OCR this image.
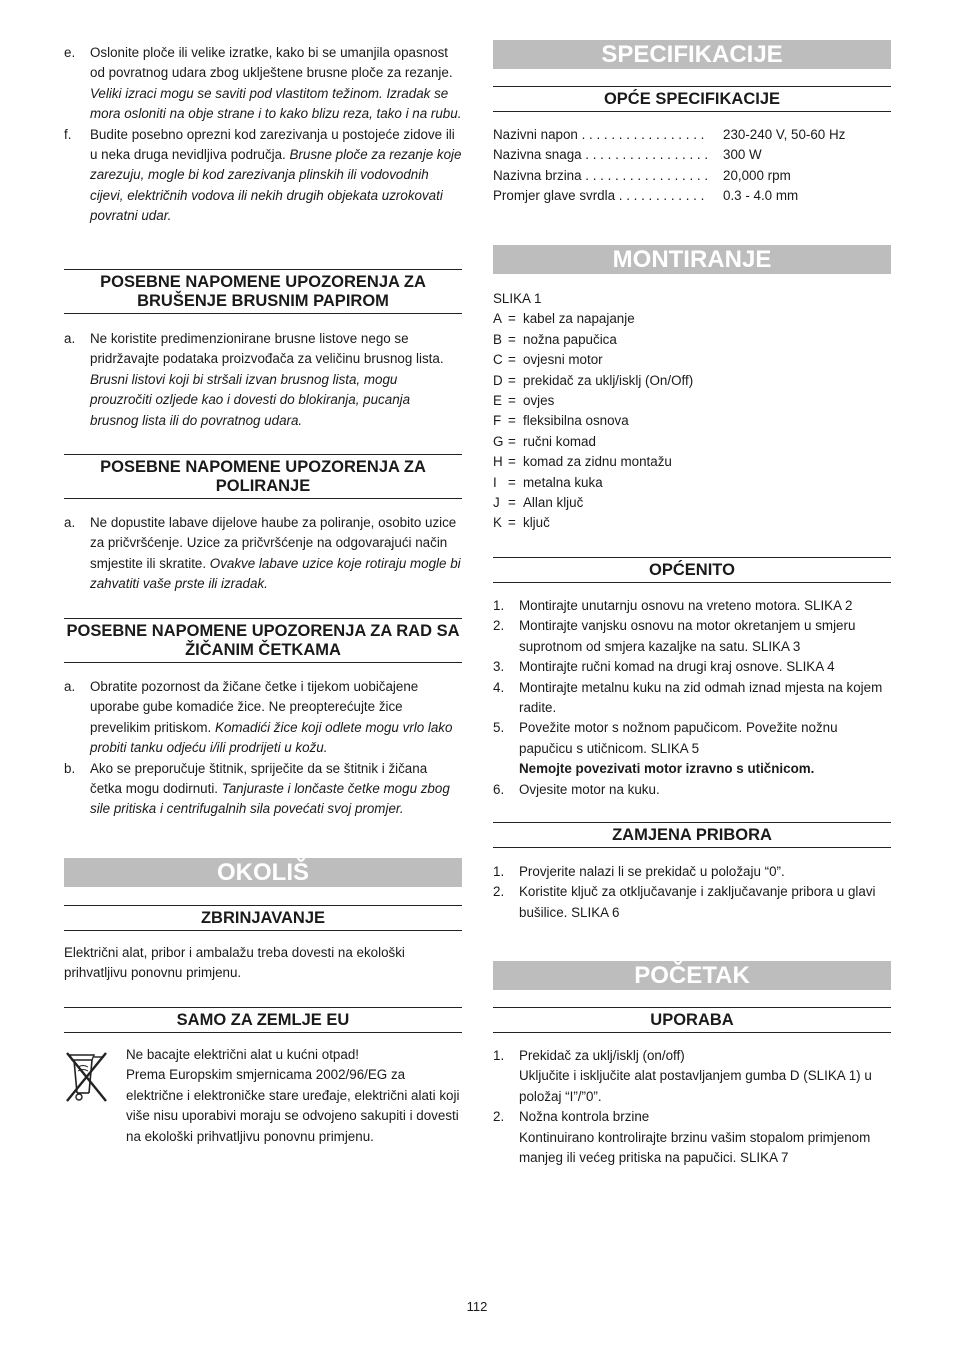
e. Oslonite ploče ili velike izratke, kako bi se umanjila opasnost od povratnog udara zbog uklještene brusne ploče za rezanje. Veliki izraci mogu se saviti pod vlastitom težinom. Izradak se mora osloniti na obje strane i to kako blizu reza, tako i na rubu.
f. Budite posebno oprezni kod zarezivanja u postojeće zidove ili u neka druga nevidljiva područja. Brusne ploče za rezanje koje zarezuju, mogle bi kod zarezivanja plinskih ili vodovodnih cijevi, električnih vodova ili nekih drugih objekata uzrokovati povratni udar.
POSEBNE NAPOMENE UPOZORENJA ZA BRUŠENJE BRUSNIM PAPIROM
a. Ne koristite predimenzionirane brusne listove nego se pridržavajte podataka proizvođača za veličinu brusnog lista. Brusni listovi koji bi stršali izvan brusnog lista, mogu prouzročiti ozljede kao i dovesti do blokiranja, pucanja brusnog lista ili do povratnog udara.
POSEBNE NAPOMENE UPOZORENJA ZA POLIRANJE
a. Ne dopustite labave dijelove haube za poliranje, osobito uzice za pričvršćenje. Uzice za pričvršćenje na odgovarajući način smjestite ili skratite. Ovakve labave uzice koje rotiraju mogle bi zahvatiti vaše prste ili izradak.
POSEBNE NAPOMENE UPOZORENJA ZA RAD SA ŽIČANIM ČETKAMA
a. Obratite pozornost da žičane četke i tijekom uobičajene uporabe gube komadiće žice. Ne preopterećujte žice prevelikim pritiskom. Komadići žice koji odlete mogu vrlo lako probiti tanku odjeću i/ili prodrijeti u kožu.
b. Ako se preporučuje štitnik, spriječite da se štitnik i žičana četka mogu dodirnuti. Tanjuraste i lončaste četke mogu zbog sile pritiska i centrifugalnih sila povećati svoj promjer.
OKOLIŠ
ZBRINJAVANJE
Električni alat, pribor i ambalažu treba dovesti na ekološki prihvatljivu ponovnu primjenu.
SAMO ZA ZEMLJE EU
Ne bacajte električni alat u kućni otpad!
Prema Europskim smjernicama 2002/96/EG za električne i elektroničke stare uređaje, električni alati koji više nisu uporabivi moraju se odvojeno sakupiti i dovesti na ekološki prihvatljivu ponovnu primjenu.
SPECIFIKACIJE
OPĆE SPECIFIKACIJE
Nazivni napon . . . . . . . . . . . . . . . . .	230-240 V, 50-60 Hz
Nazivna snaga . . . . . . . . . . . . . . . . .	300 W
Nazivna brzina . . . . . . . . . . . . . . . . .	20,000 rpm
Promjer glave svrdla . . . . . . . . . . . .	0.3 - 4.0 mm
MONTIRANJE
SLIKA 1
A = kabel za napajanje
B = nožna papučica
C = ovjesni motor
D = prekidač za uklj/isklj (On/Off)
E = ovjes
F = fleksibilna osnova
G = ručni komad
H = komad za zidnu montažu
I = metalna kuka
J = Allan ključ
K = ključ
OPĆENITO
1. Montirajte unutarnju osnovu na vreteno motora. SLIKA 2
2. Montirajte vanjsku osnovu na motor okretanjem u smjeru suprotnom od smjera kazaljke na satu. SLIKA 3
3. Montirajte ručni komad na drugi kraj osnove. SLIKA 4
4. Montirajte metalnu kuku na zid odmah iznad mjesta na kojem radite.
5. Povežite motor s nožnom papučicom. Povežite nožnu papučicu s utičnicom. SLIKA 5
Nemojte povezivati motor izravno s utičnicom.
6. Ovjesite motor na kuku.
ZAMJENA PRIBORA
1. Provjerite nalazi li se prekidač u položaju “0”.
2. Koristite ključ za otključavanje i zaključavanje pribora u glavi bušilice. SLIKA 6
POČETAK
UPORABA
1. Prekidač za uklj/isklj (on/off)
Uključite i isključite alat postavljanjem gumba D (SLIKA 1) u položaj “I”/”0”.
2. Nožna kontrola brzine
Kontinuirano kontrolirajte brzinu vašim stopalom primjenom manjeg ili većeg pritiska na papučici. SLIKA 7
112
